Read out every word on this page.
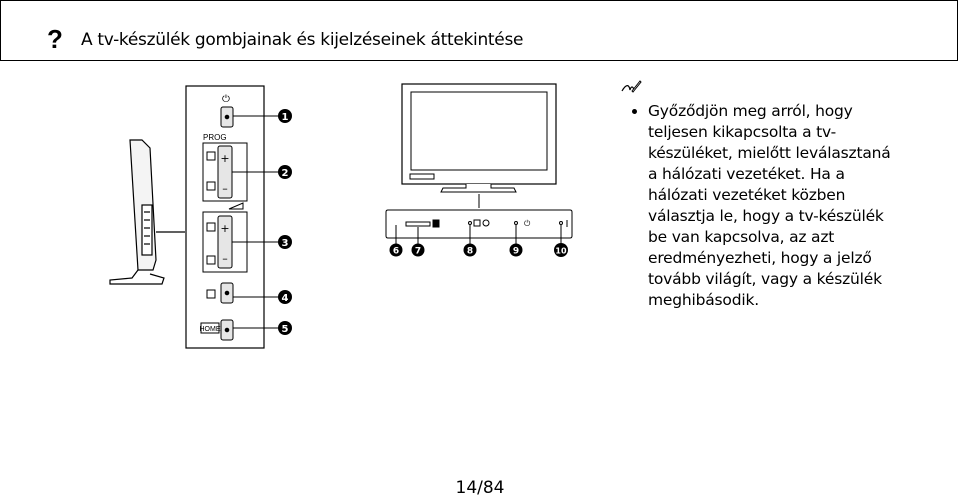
? A tv-készülék gombjainak és kijelzéseinek áttekintése
⏻
PROG
+
–
+
–
HOME
1
2
3
4
5
⏻
6 7	8	9	10
• Győződjön meg arról, hogy
teljesen kikapcsolta a tv-
készüléket, mielőtt leválasztaná
a hálózati vezetéket. Ha a
hálózati vezetéket közben
választja le, hogy a tv-készülék
be van kapcsolva, az azt
eredményezheti, hogy a jelző
tovább világít, vagy a készülék
meghibásodik.
14/84
